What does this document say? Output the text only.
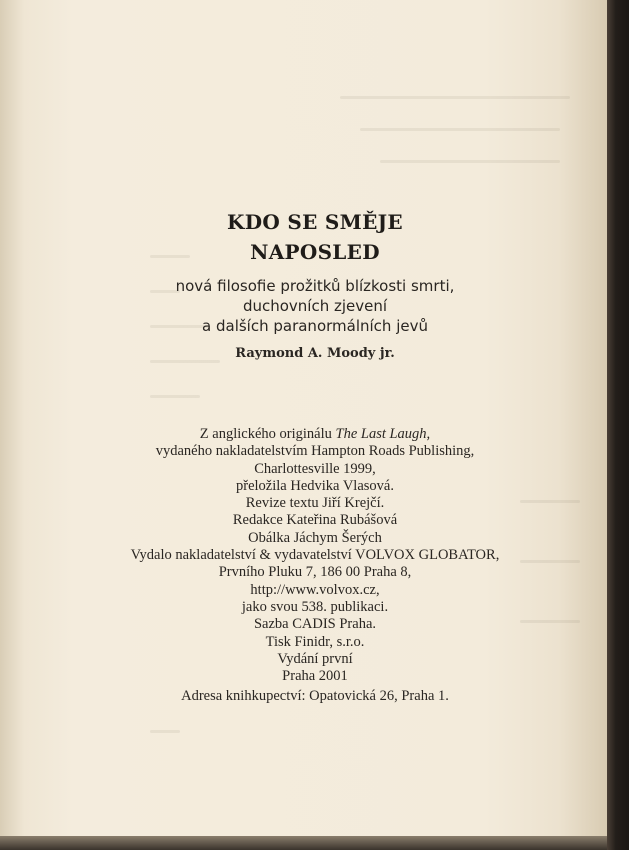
KDO SE SMĚJE
NAPOSLED
nová filosofie prožitků blízkosti smrti,
duchovních zjevení
a dalších paranormálních jevů
Raymond A. Moody jr.
Z anglického originálu The Last Laugh,
vydaného nakladatelstvím Hampton Roads Publishing,
Charlottesville 1999,
přeložila Hedvika Vlasová.
Revize textu Jiří Krejčí.
Redakce Kateřina Rubášová
Obálka Jáchym Šerých
Vydalo nakladatelství & vydavatelství VOLVOX GLOBATOR,
Prvního Pluku 7, 186 00 Praha 8,
http://www.volvox.cz,
jako svou 538. publikaci.
Sazba CADIS Praha.
Tisk Finidr, s.r.o.
Vydání první
Praha 2001
Adresa knihkupectví: Opatovická 26, Praha 1.
